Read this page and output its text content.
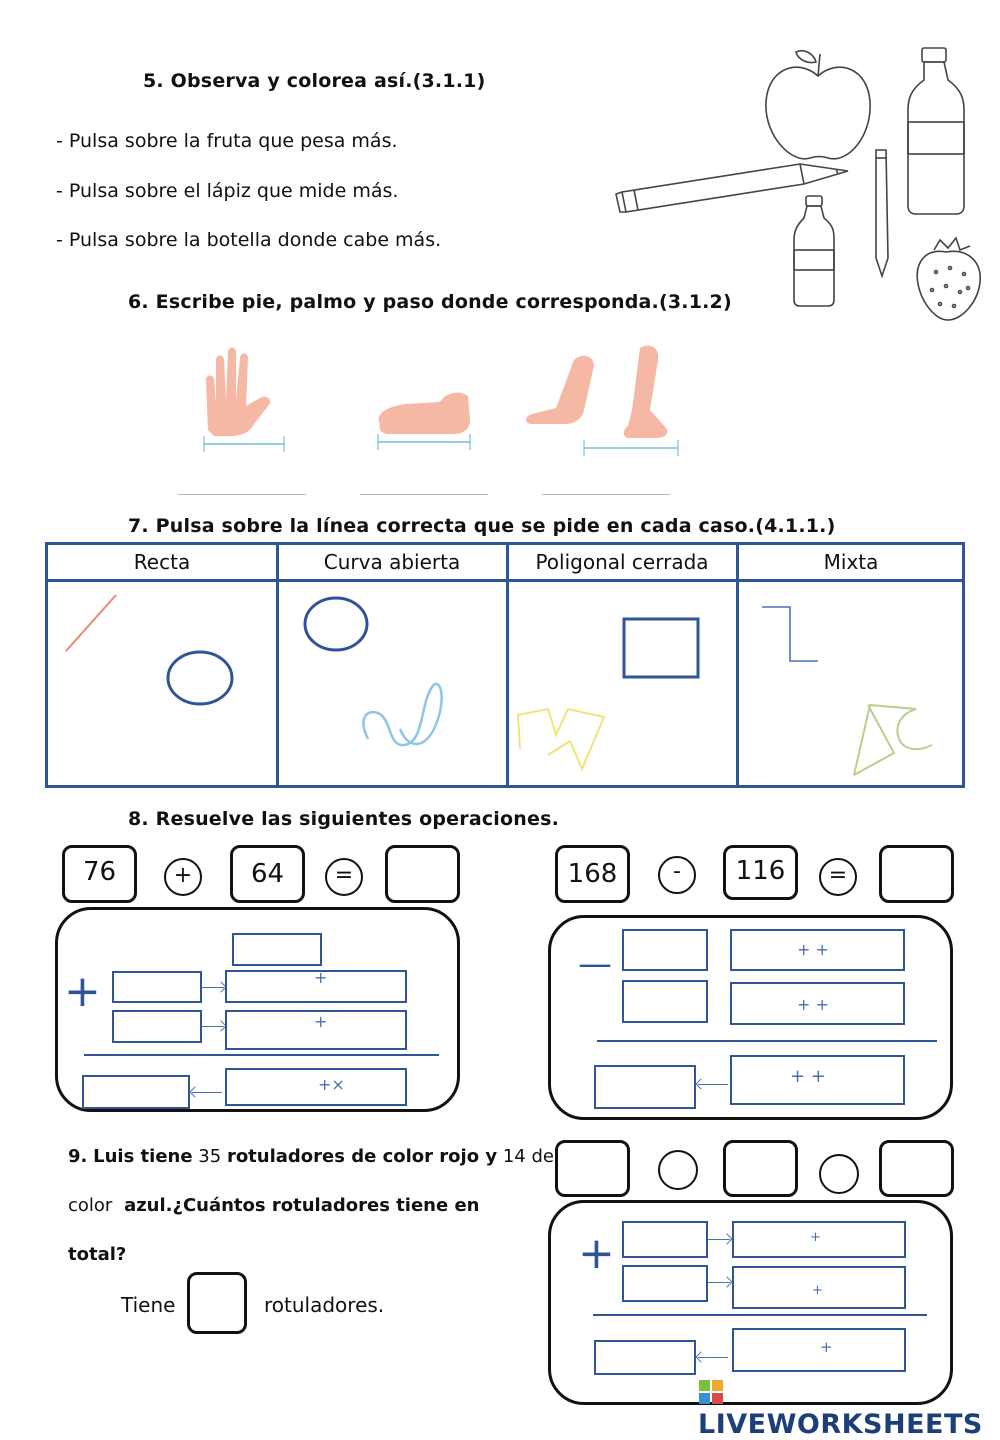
5. Observa y colorea así.(3.1.1)
- Pulsa sobre la fruta que pesa más.
- Pulsa sobre el lápiz que mide más.
- Pulsa sobre la botella donde cabe más.
6. Escribe pie, palmo y paso donde corresponda.(3.1.2)
7. Pulsa sobre la línea correcta que se pide en cada caso.(4.1.1.)
Recta	Curva abierta	Poligonal cerrada	Mixta
8. Resuelve las siguientes operaciones.
76	+	64	=
+	+
+
+×
168	-	116	=
—	+ +
+ +
+ +
9. Luis tiene 35 rotuladores de color rojo y 14 de
color azul.¿Cuántos rotuladores tiene en
total?
Tiene	rotuladores.
+	+
+
+
LIVEWORKSHEETS
